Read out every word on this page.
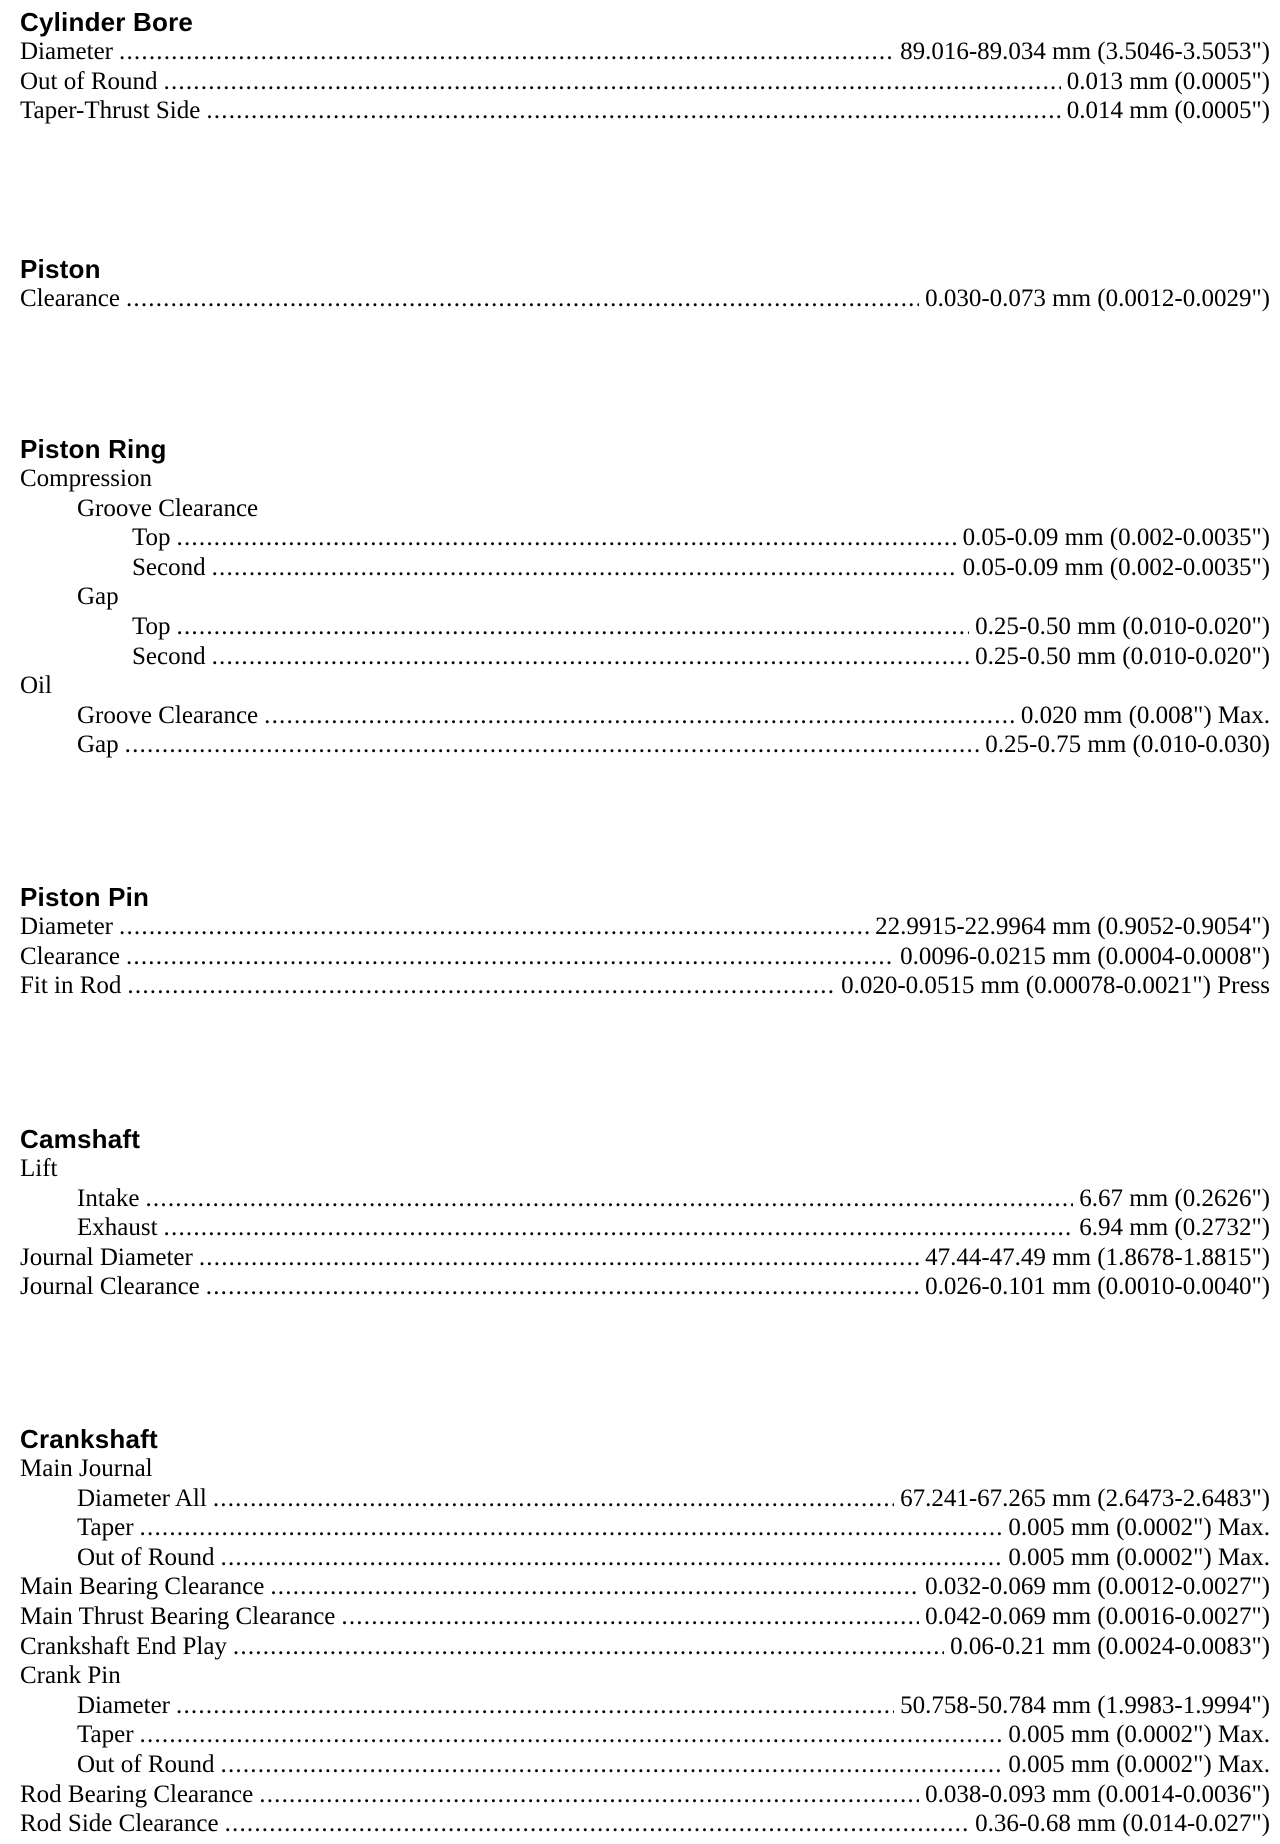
Cylinder Bore
Diameter .....	89.016-89.034 mm (3.5046-3.5053")
Out of Round .....	0.013 mm (0.0005")
Taper-Thrust Side .....	0.014 mm (0.0005")
Piston
Clearance .....	0.030-0.073 mm (0.0012-0.0029")
Piston Ring
Compression
Groove Clearance
Top .....	0.05-0.09 mm (0.002-0.0035")
Second .....	0.05-0.09 mm (0.002-0.0035")
Gap
Top .....	0.25-0.50 mm (0.010-0.020")
Second .....	0.25-0.50 mm (0.010-0.020")
Oil
Groove Clearance .....	0.020 mm (0.008") Max.
Gap .....	0.25-0.75 mm (0.010-0.030)
Piston Pin
Diameter .....	22.9915-22.9964 mm (0.9052-0.9054")
Clearance .....	0.0096-0.0215 mm (0.0004-0.0008")
Fit in Rod .....	0.020-0.0515 mm (0.00078-0.0021") Press
Camshaft
Lift
Intake .....	6.67 mm (0.2626")
Exhaust .....	6.94 mm (0.2732")
Journal Diameter .....	47.44-47.49 mm (1.8678-1.8815")
Journal Clearance .....	0.026-0.101 mm (0.0010-0.0040")
Crankshaft
Main Journal
Diameter All .....	67.241-67.265 mm (2.6473-2.6483")
Taper .....	0.005 mm (0.0002") Max.
Out of Round .....	0.005 mm (0.0002") Max.
Main Bearing Clearance .....	0.032-0.069 mm (0.0012-0.0027")
Main Thrust Bearing Clearance .....	0.042-0.069 mm (0.0016-0.0027")
Crankshaft End Play .....	0.06-0.21 mm (0.0024-0.0083")
Crank Pin
Diameter .....	50.758-50.784 mm (1.9983-1.9994")
Taper .....	0.005 mm (0.0002") Max.
Out of Round .....	0.005 mm (0.0002") Max.
Rod Bearing Clearance .....	0.038-0.093 mm (0.0014-0.0036")
Rod Side Clearance .....	0.36-0.68 mm (0.014-0.027")
